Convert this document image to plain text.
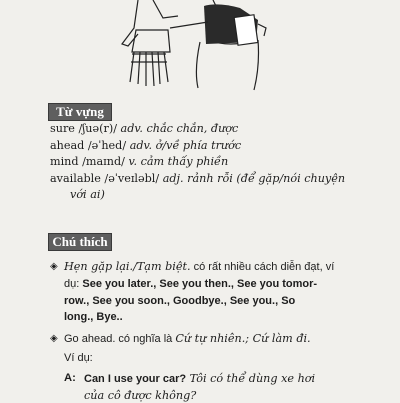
Từ vựng
sure /ʃuə(r)/ adv. chắc chắn, được
ahead /əˈhed/ adv. ở/về phía trước
mind /maɪnd/ v. cảm thấy phiền
available /əˈveɪləbl/ adj. rảnh rỗi (để gặp/nói chuyện
với ai)
Chú thích
◈ Hẹn gặp lại./Tạm biệt. có rất nhiều cách diễn đạt, ví
dụ: See you later., See you then., See you tomor-
row., See you soon., Goodbye., See you., So
long., Bye..
◈ Go ahead. có nghĩa là Cứ tự nhiên.; Cứ làm đi.
Ví dụ:
A: Can I use your car? Tôi có thể dùng xe hơi
của cô được không?
